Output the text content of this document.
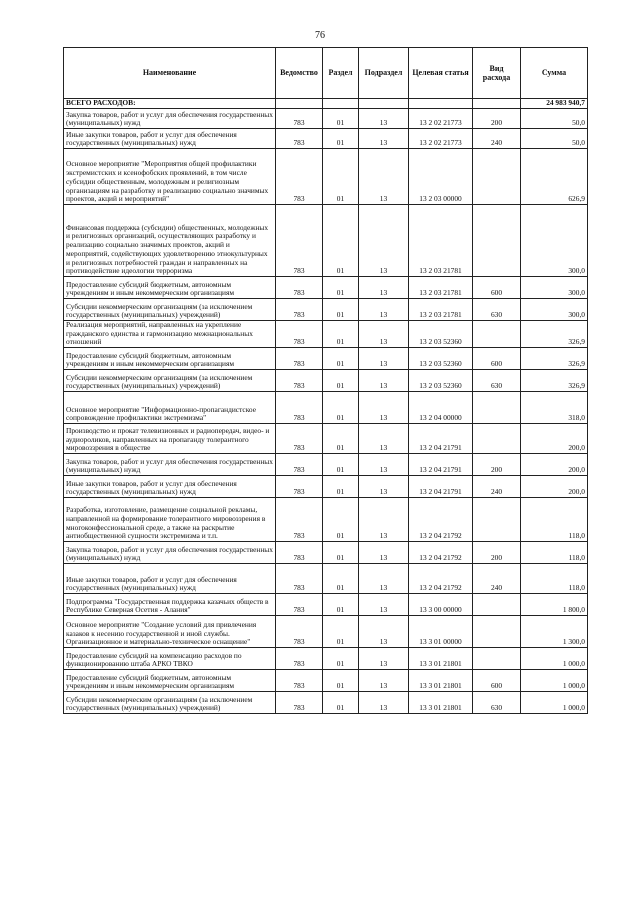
76
Наименование	Ведомство	Раздел	Подраздел	Целевая статья	Вид расхода	Сумма
ВСЕГО РАСХОДОВ:						24 983 940,7
Закупка товаров, работ и услуг для обеспечения государственных (муниципальных) нужд	783	01	13	13 2 02 21773	200	50,0
Иные закупки товаров, работ и услуг для обеспечения государственных (муниципальных) нужд	783	01	13	13 2 02 21773	240	50,0
Основное мероприятие "Мероприятия общей профилактики экстремистских и ксенофобских проявлений, в том числе субсидии общественным, молодежным и религиозным организациям на разработку и реализацию социально значимых проектов, акций и мероприятий"	783	01	13	13 2 03 00000		626,9
Финансовая поддержка (субсидии) общественных, молодежных и религиозных организаций, осуществляющих разработку и реализацию социально значимых проектов, акций и мероприятий, содействующих удовлетворению этнокультурных и религиозных потребностей граждан и направленных на противодействие идеологии терроризма	783	01	13	13 2 03 21781		300,0
Предоставление субсидий бюджетным, автономным учреждениям и иным некоммерческим организациям	783	01	13	13 2 03 21781	600	300,0
Субсидии некоммерческим организациям (за исключением государственных (муниципальных) учреждений)	783	01	13	13 2 03 21781	630	300,0
Реализация мероприятий, направленных на укрепление гражданского единства и гармонизацию межнациональных отношений	783	01	13	13 2 03 52360		326,9
Предоставление субсидий бюджетным, автономным учреждениям и иным некоммерческим организациям	783	01	13	13 2 03 52360	600	326,9
Субсидии некоммерческим организациям (за исключением государственных (муниципальных) учреждений)	783	01	13	13 2 03 52360	630	326,9
Основное мероприятие "Информационно-пропагандистское сопровождение профилактики экстремизма"	783	01	13	13 2 04 00000		318,0
Производство и прокат телевизионных и радиопередач, видео- и аудиороликов, направленных на пропаганду толерантного мировоззрения в обществе	783	01	13	13 2 04 21791		200,0
Закупка товаров, работ и услуг для обеспечения государственных (муниципальных) нужд	783	01	13	13 2 04 21791	200	200,0
Иные закупки товаров, работ и услуг для обеспечения государственных (муниципальных) нужд	783	01	13	13 2 04 21791	240	200,0
Разработка, изготовление, размещение социальной рекламы, направленной на формирование толерантного мировоззрения в многоконфессиональной среде, а также на раскрытие антиобщественной сущности экстремизма и т.п.	783	01	13	13 2 04 21792		118,0
Закупка товаров, работ и услуг для обеспечения государственных (муниципальных) нужд	783	01	13	13 2 04 21792	200	118,0
Иные закупки товаров, работ и услуг для обеспечения государственных (муниципальных) нужд	783	01	13	13 2 04 21792	240	118,0
Подпрограмма "Государственная поддержка казачьих обществ в Республике Северная Осетия - Алания"	783	01	13	13 3 00 00000		1 800,0
Основное мероприятие "Создание условий для привлечения казаков к несению государственной и иной службы. Организационное и материально-техническое оснащение"	783	01	13	13 3 01 00000		1 300,0
Предоставление субсидий на компенсацию расходов по функционированию штаба АРКО ТВКО	783	01	13	13 3 01 21801		1 000,0
Предоставление субсидий бюджетным, автономным учреждениям и иным некоммерческим организациям	783	01	13	13 3 01 21801	600	1 000,0
Субсидии некоммерческим организациям (за исключением государственных (муниципальных) учреждений)	783	01	13	13 3 01 21801	630	1 000,0
